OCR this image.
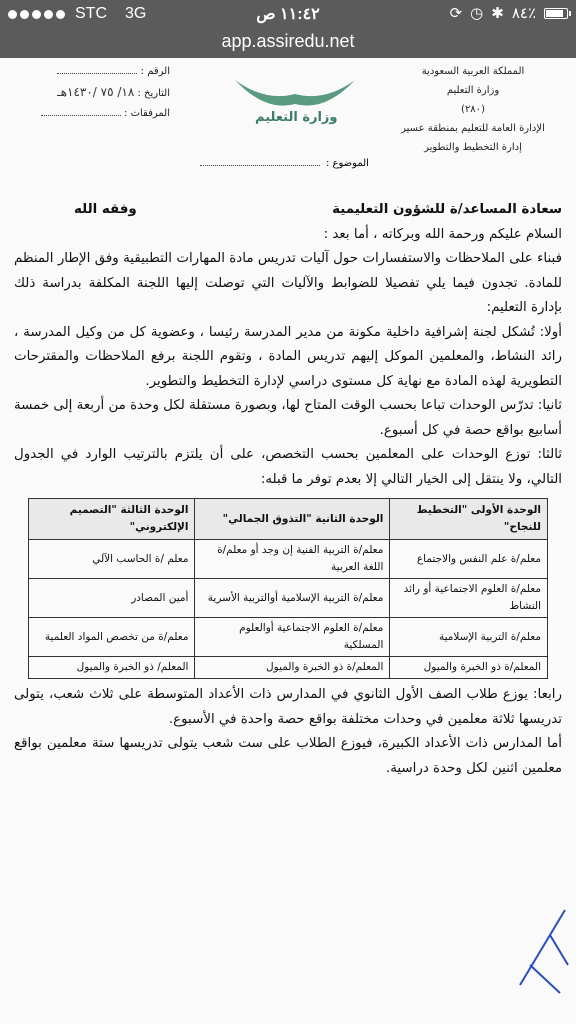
STC 3G	١١:٤٢ ص	⟳ ◷ ✱ ٨٤٪
app.assiredu.net
المملكة العربية السعودية
وزارة التعليم
(٢٨٠)
الإدارة العامة للتعليم بمنطقة عسير
إدارة التخطيط والتطوير
الرقم :
التاريخ : ١٨/ ٧٥ /١٤٣٠هـ
المرفقات :	وزارة التعليم
الموضوع :
سعادة المساعد/ة للشؤون التعليمية
وفقه الله

السلام عليكم ورحمة الله وبركاته ، أما بعد :

فبناء على الملاحظات والاستفسارات حول آليات تدريس مادة المهارات التطبيقية وفق الإطار المنظم للمادة. تجدون فيما يلي تفصيلا للضوابط والآليات التي توصلت إليها اللجنة المكلفة بدراسة ذلك بإدارة التعليم:

أولا: تُشكل لجنة إشرافية داخلية مكونة من مدير المدرسة رئيسا ، وعضوية كل من وكيل المدرسة ، رائد النشاط، والمعلمين الموكل إليهم تدريس المادة ، وتقوم اللجنة برفع الملاحظات والمقترحات التطويرية لهذه المادة مع نهاية كل مستوى دراسي لإدارة التخطيط والتطوير.

ثانيا: تدرّس الوحدات تباعا بحسب الوقت المتاح لها، وبصورة مستقلة لكل وحدة من أربعة إلى خمسة أسابيع بواقع حصة في كل أسبوع.

ثالثا: توزع الوحدات على المعلمين بحسب التخصص، على أن يلتزم بالترتيب الوارد في الجدول التالي، ولا ينتقل إلى الخيار التالي إلا بعدم توفر ما قبله:

الوحدة الأولى "التخطيط للنجاح"	الوحدة الثانية "التذوق الجمالي"	الوحدة الثالثة "التصميم الإلكتروني"
معلم/ة علم النفس والاجتماع	معلم/ة التربية الفنية إن وجد أو معلم/ة اللغة العربية	معلم /ة الحاسب الآلي
معلم/ة العلوم الاجتماعية أو رائد النشاط	معلم/ة التربية الإسلامية أوالتربية الأسرية	أمين المصادر
معلم/ة التربية الإسلامية	معلم/ة العلوم الاجتماعية أوالعلوم المسلكية	معلم/ة من تخصص المواد العلمية
المعلم/ة ذو الخبرة والميول	المعلم/ة ذو الخبرة والميول	المعلم/ ذو الخبرة والميول

رابعا: يوزع طلاب الصف الأول الثانوي في المدارس ذات الأعداد المتوسطة على ثلاث شعب، يتولى تدريسها ثلاثة معلمين في وحدات مختلفة بواقع حصة واحدة في الأسبوع.

أما المدارس ذات الأعداد الكبيرة، فيوزع الطلاب على ست شعب يتولى تدريسها ستة معلمين بواقع معلمين اثنين لكل وحدة دراسية.
